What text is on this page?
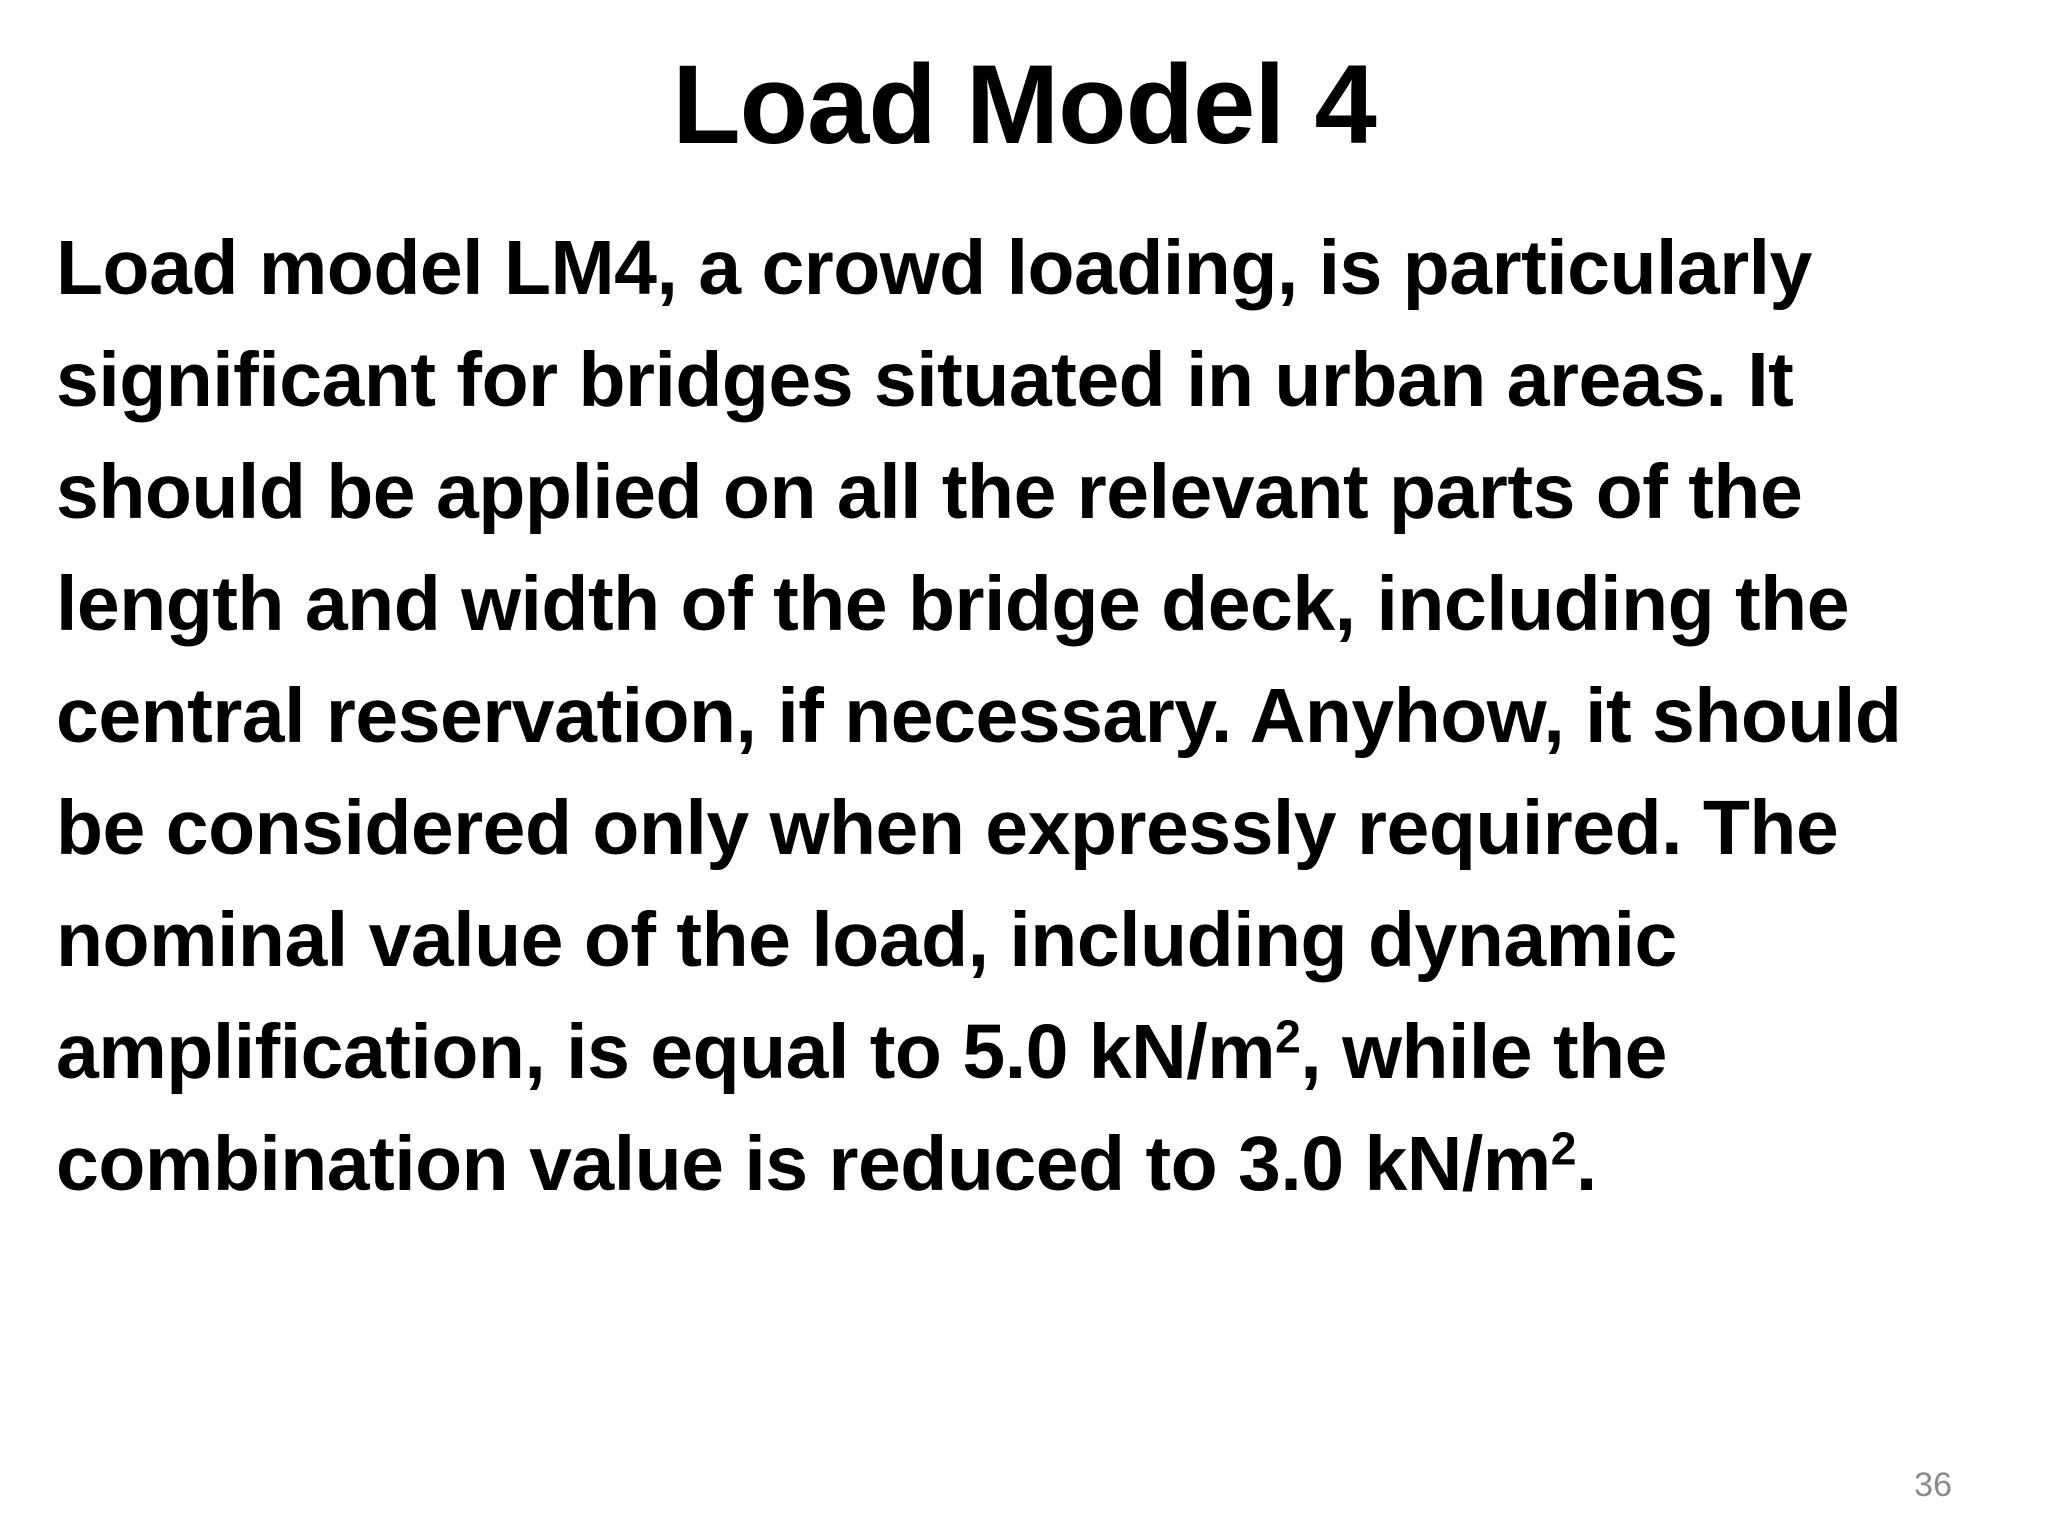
Load Model 4
Load model LM4, a crowd loading, is particularly
significant for bridges situated in urban areas. It
should be applied on all the relevant parts of the
length and width of the bridge deck, including the
central reservation, if necessary. Anyhow, it should
be considered only when expressly required. The
nominal value of the load, including dynamic
amplification, is equal to 5.0 $kN/m^2$, while the
combination value is reduced to 3.0 $kN/m^2$.
36
